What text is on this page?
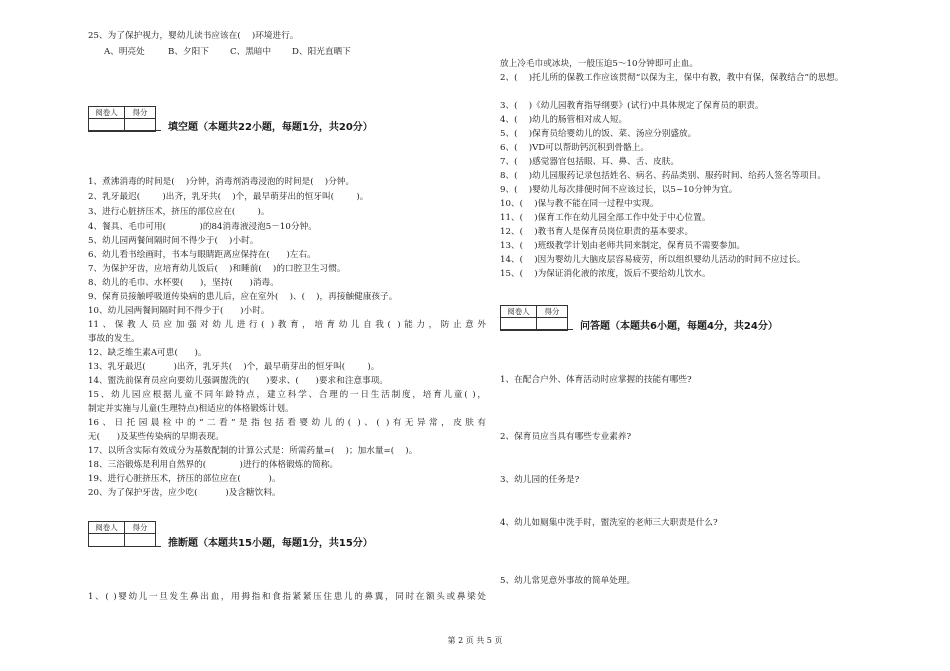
25、为了保护视力，婴幼儿读书应该在(    )环境进行。
A、明亮处	B、夕阳下 C、黑暗中 D、阳光直晒下
阅卷人	得分

填空题（本题共22小题，每题1分，共20分）
1、煮沸消毒的时间是(    )分钟，消毒剂消毒浸泡的时间是(    )分钟。
2、乳牙最迟(        )出齐，乳牙共(    )个，最早萌芽出的恒牙叫(        )。
3、进行心脏挤压术，挤压的部位应在(        )。
4、餐具、毛巾可用(            )的84消毒液浸泡5－10分钟。
5、幼儿园两餐间隔时间不得少于(    )小时。
6、幼儿看书绘画时，书本与眼睛距离应保持在(      )左右。
7、为保护牙齿，应培育幼儿饭后(    )和睡前(    )的口腔卫生习惯。
8、幼儿的毛巾、水杯要(      )，坚持(      )消毒。
9、保育员接触呼吸道传染病的患儿后，应在室外(    )、(    )，再接触健康孩子。
10、幼儿园两餐间隔时间不得少于(      )小时。
11、保教人员应加强对幼儿进行( )教育，培育幼儿自我( )能力，防止意外
事故的发生。
12、缺乏维生素A可患(      )。
13、乳牙最迟(          )出齐，乳牙共(    )个，最早萌芽出的恒牙叫(        )。
14、盥洗前保育员应向要幼儿强调盥洗的(      )要求、(      )要求和注意事项。
15、幼儿园应根据儿童不同年龄特点，建立科学、合理的一日生活制度，培育儿童( )，
制定并实施与儿童(生理特点)相适应的体格锻炼计划。
16、日托园晨检中的“二看”是指包括看婴幼儿的( )、( )有无异常，皮肤有
无(      )及某些传染病的早期表现。
17、以所含实际有效成分为基数配制的计算公式是：所需药量=(    )；加水量=(    )。
18、三浴锻炼是利用自然界的(            )进行的体格锻炼的简称。
19、进行心脏挤压术，挤压的部位应在(          )。
20、为了保护牙齿，应少吃(          )及含糖饮料。
阅卷人	得分

推断题（本题共15小题，每题1分，共15分）
1、( )婴幼儿一旦发生鼻出血，用拇指和食指紧紧压住患儿的鼻翼，同时在额头或鼻梁处
放上冷毛巾或冰块，一般压迫5～10分钟即可止血。
2、(    )托儿所的保教工作应该贯彻“以保为主，保中有教，教中有保，保教结合”的思想。
3、(    )《幼儿园教育指导纲要》(试行)中具体规定了保育员的职责。
4、(    )幼儿的肠管相对成人短。
5、(    )保育员给婴幼儿的饭、菜、汤应分别盛放。
6、(    )VD可以帮助钙沉积到骨骼上。
7、(    )感觉器官包括眼、耳、鼻、舌、皮肤。
8、(    )幼儿园服药记录包括姓名、病名、药品类别、服药时间、给药人签名等项目。
9、(    )婴幼儿每次排便时间不应该过长，以5~10分钟为宜。
10、(    )保与教不能在同一过程中实现。
11、(    )保育工作在幼儿园全部工作中处于中心位置。
12、(    )教书育人是保育员岗位职责的基本要求。
13、(    )班级教学计划由老师共同来制定，保育员不需要参加。
14、(    )因为婴幼儿大脑皮层容易疲劳，所以组织婴幼儿活动的时间不应过长。
15、(    )为保证消化液的浓度，饭后不要给幼儿饮水。
阅卷人	得分

问答题（本题共6小题，每题4分，共24分）
1、在配合户外、体育活动时应掌握的技能有哪些?
2、保育员应当具有哪些专业素养?
3、幼儿园的任务是?
4、幼儿如厕集中洗手时，盥洗室的老师三大职责是什么?
5、幼儿常见意外事故的简单处理。
第 2 页 共 5 页
